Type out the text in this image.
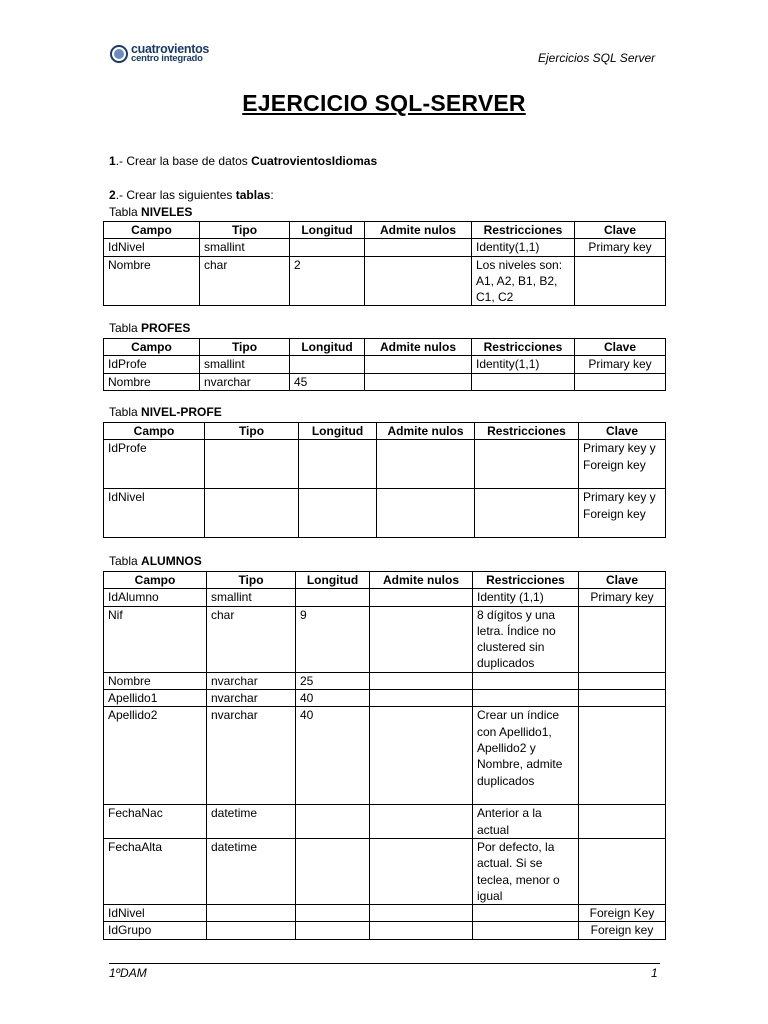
cuatrovientos
centro integrado	Ejercicios SQL Server
EJERCICIO SQL-SERVER
1.- Crear la base de datos CuatrovientosIdiomas
2.- Crear las siguientes tablas:
Tabla NIVELES
Campo	Tipo	Longitud	Admite nulos	Restricciones	Clave
IdNivel	smallint			Identity(1,1)	Primary key
Nombre	char	2		Los niveles son: A1, A2, B1, B2, C1, C2	
Tabla PROFES
Campo	Tipo	Longitud	Admite nulos	Restricciones	Clave
IdProfe	smallint			Identity(1,1)	Primary key
Nombre	nvarchar	45			
Tabla NIVEL-PROFE
Campo	Tipo	Longitud	Admite nulos	Restricciones	Clave
IdProfe					Primary key y Foreign key
IdNivel					Primary key y Foreign key
Tabla ALUMNOS
Campo	Tipo	Longitud	Admite nulos	Restricciones	Clave
IdAlumno	smallint			Identity (1,1)	Primary key
Nif	char	9		8 dígitos y una letra. Índice no clustered sin duplicados	
Nombre	nvarchar	25			
Apellido1	nvarchar	40			
Apellido2	nvarchar	40		Crear un índice con Apellido1, Apellido2 y Nombre, admite duplicados	
FechaNac	datetime			Anterior a la actual	
FechaAlta	datetime			Por defecto, la actual. Si se teclea, menor o igual	
IdNivel					Foreign Key
IdGrupo					Foreign key
1ºDAM	1
